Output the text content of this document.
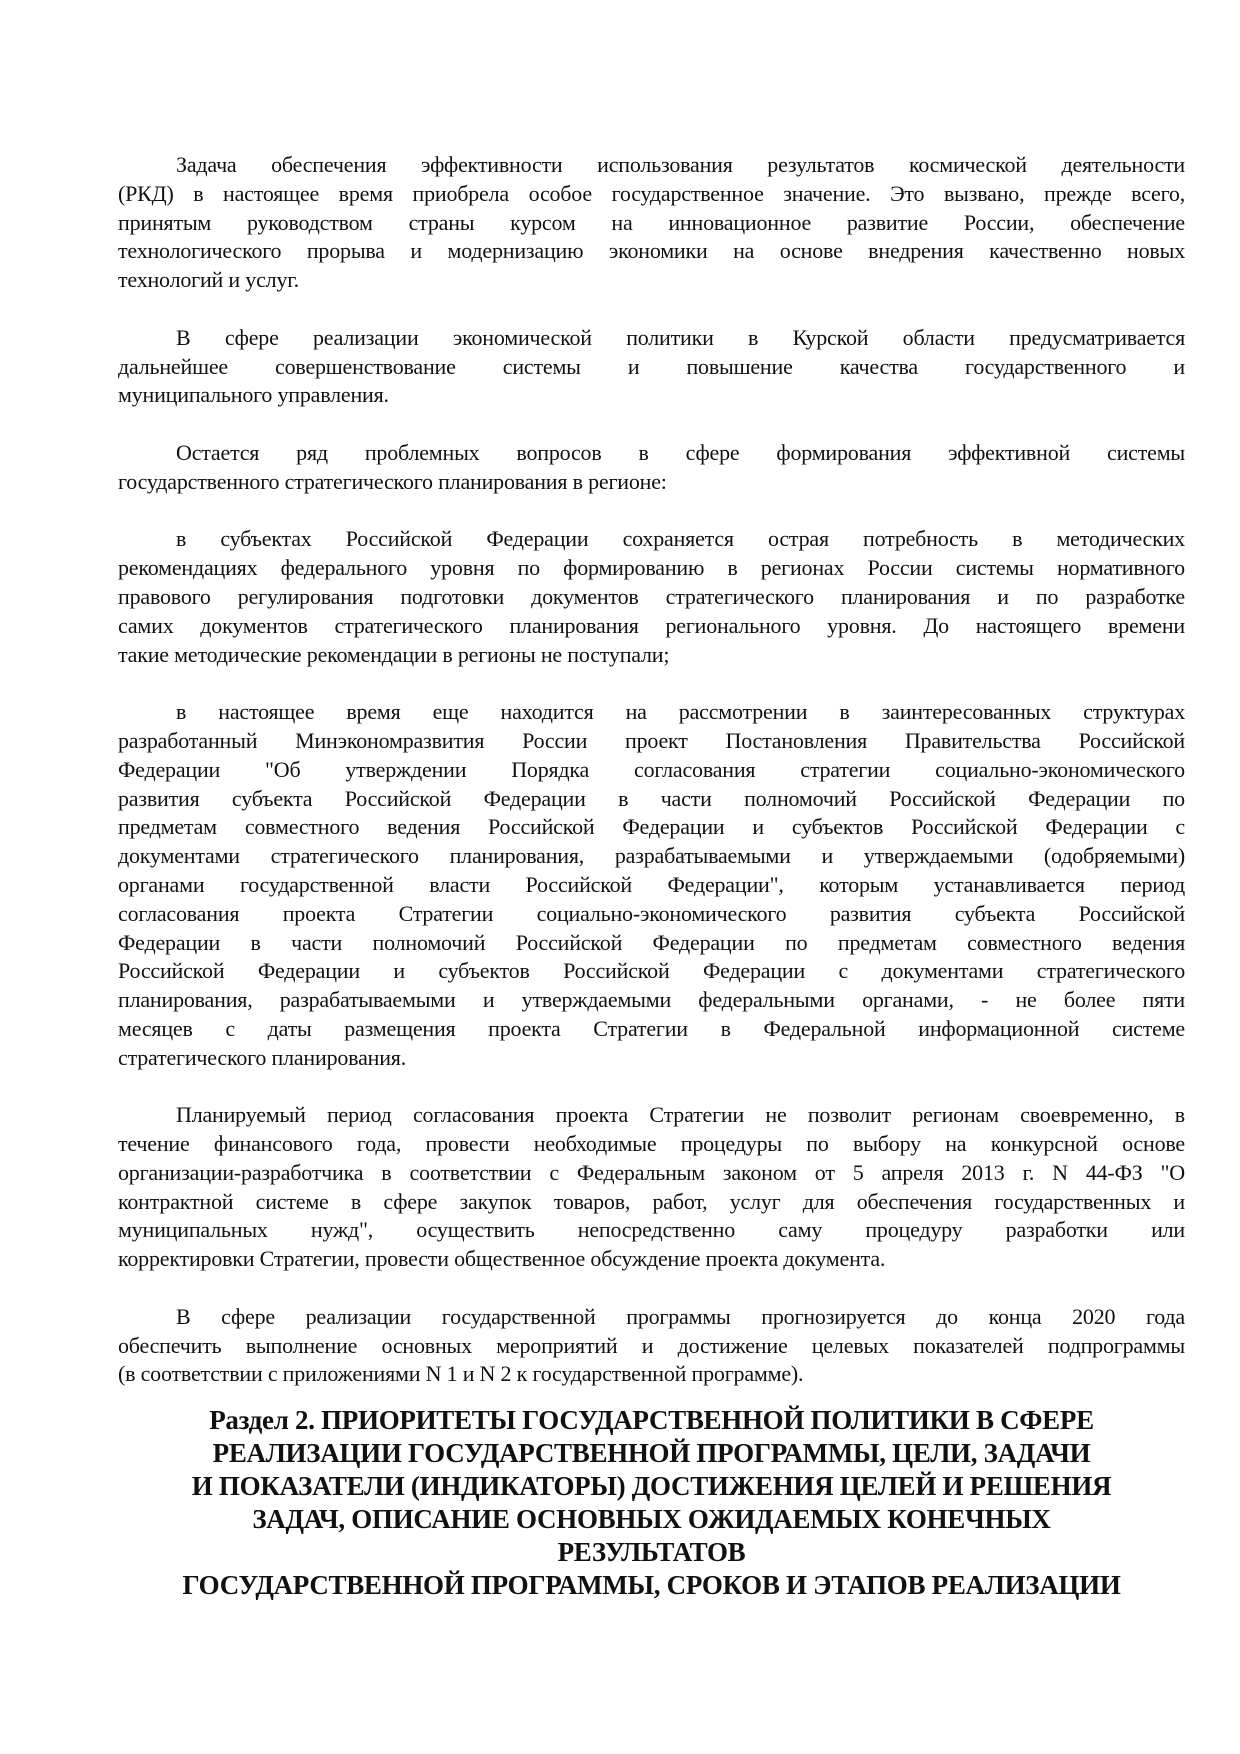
Задача обеспечения эффективности использования результатов космической деятельности
(РКД) в настоящее время приобрела особое государственное значение. Это вызвано, прежде всего,
принятым руководством страны курсом на инновационное развитие России, обеспечение
технологического прорыва и модернизацию экономики на основе внедрения качественно новых
технологий и услуг.

В сфере реализации экономической политики в Курской области предусматривается
дальнейшее совершенствование системы и повышение качества государственного и
муниципального управления.

Остается ряд проблемных вопросов в сфере формирования эффективной системы
государственного стратегического планирования в регионе:

в субъектах Российской Федерации сохраняется острая потребность в методических
рекомендациях федерального уровня по формированию в регионах России системы нормативного
правового регулирования подготовки документов стратегического планирования и по разработке
самих документов стратегического планирования регионального уровня. До настоящего времени
такие методические рекомендации в регионы не поступали;

в настоящее время еще находится на рассмотрении в заинтересованных структурах
разработанный Минэкономразвития России проект Постановления Правительства Российской
Федерации "Об утверждении Порядка согласования стратегии социально-экономического
развития субъекта Российской Федерации в части полномочий Российской Федерации по
предметам совместного ведения Российской Федерации и субъектов Российской Федерации с
документами стратегического планирования, разрабатываемыми и утверждаемыми (одобряемыми)
органами государственной власти Российской Федерации", которым устанавливается период
согласования проекта Стратегии социально-экономического развития субъекта Российской
Федерации в части полномочий Российской Федерации по предметам совместного ведения
Российской Федерации и субъектов Российской Федерации с документами стратегического
планирования, разрабатываемыми и утверждаемыми федеральными органами, - не более пяти
месяцев с даты размещения проекта Стратегии в Федеральной информационной системе
стратегического планирования.

Планируемый период согласования проекта Стратегии не позволит регионам своевременно, в
течение финансового года, провести необходимые процедуры по выбору на конкурсной основе
организации-разработчика в соответствии с Федеральным законом от 5 апреля 2013 г. N 44-ФЗ "О
контрактной системе в сфере закупок товаров, работ, услуг для обеспечения государственных и
муниципальных нужд", осуществить непосредственно саму процедуру разработки или
корректировки Стратегии, провести общественное обсуждение проекта документа.

В сфере реализации государственной программы прогнозируется до конца 2020 года
обеспечить выполнение основных мероприятий и достижение целевых показателей подпрограммы
(в соответствии с приложениями N 1 и N 2 к государственной программе).

Раздел 2. ПРИОРИТЕТЫ ГОСУДАРСТВЕННОЙ ПОЛИТИКИ В СФЕРЕ
РЕАЛИЗАЦИИ ГОСУДАРСТВЕННОЙ ПРОГРАММЫ, ЦЕЛИ, ЗАДАЧИ
И ПОКАЗАТЕЛИ (ИНДИКАТОРЫ) ДОСТИЖЕНИЯ ЦЕЛЕЙ И РЕШЕНИЯ
ЗАДАЧ, ОПИСАНИЕ ОСНОВНЫХ ОЖИДАЕМЫХ КОНЕЧНЫХ
РЕЗУЛЬТАТОВ
ГОСУДАРСТВЕННОЙ ПРОГРАММЫ, СРОКОВ И ЭТАПОВ РЕАЛИЗАЦИИ
